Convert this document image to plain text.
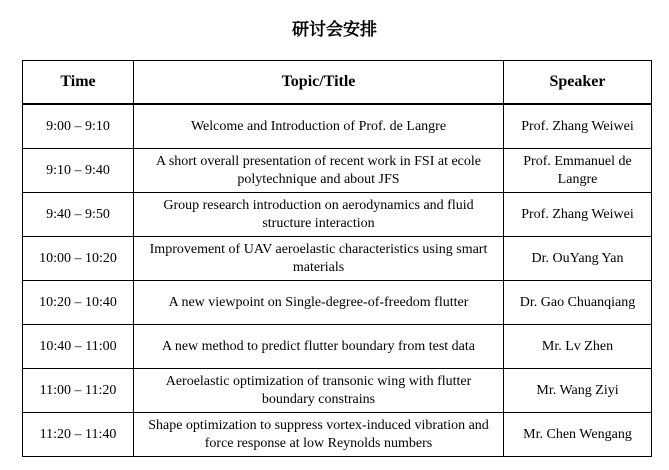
研讨会安排
Time	Topic/Title	Speaker
9:00 – 9:10	Welcome and Introduction of Prof. de Langre	Prof. Zhang Weiwei
9:10 – 9:40	A short overall presentation of recent work in FSI at ecole polytechnique and about JFS	Prof. Emmanuel de Langre
9:40 – 9:50	Group research introduction on aerodynamics and fluid structure interaction	Prof. Zhang Weiwei
10:00 – 10:20	Improvement of UAV aeroelastic characteristics using smart materials	Dr. OuYang Yan
10:20 – 10:40	A new viewpoint on Single-degree-of-freedom flutter	Dr. Gao Chuanqiang
10:40 – 11:00	A new method to predict flutter boundary from test data	Mr. Lv Zhen
11:00 – 11:20	Aeroelastic optimization of transonic wing with flutter boundary constrains	Mr. Wang Ziyi
11:20 – 11:40	Shape optimization to suppress vortex-induced vibration and force response at low Reynolds numbers	Mr. Chen Wengang
